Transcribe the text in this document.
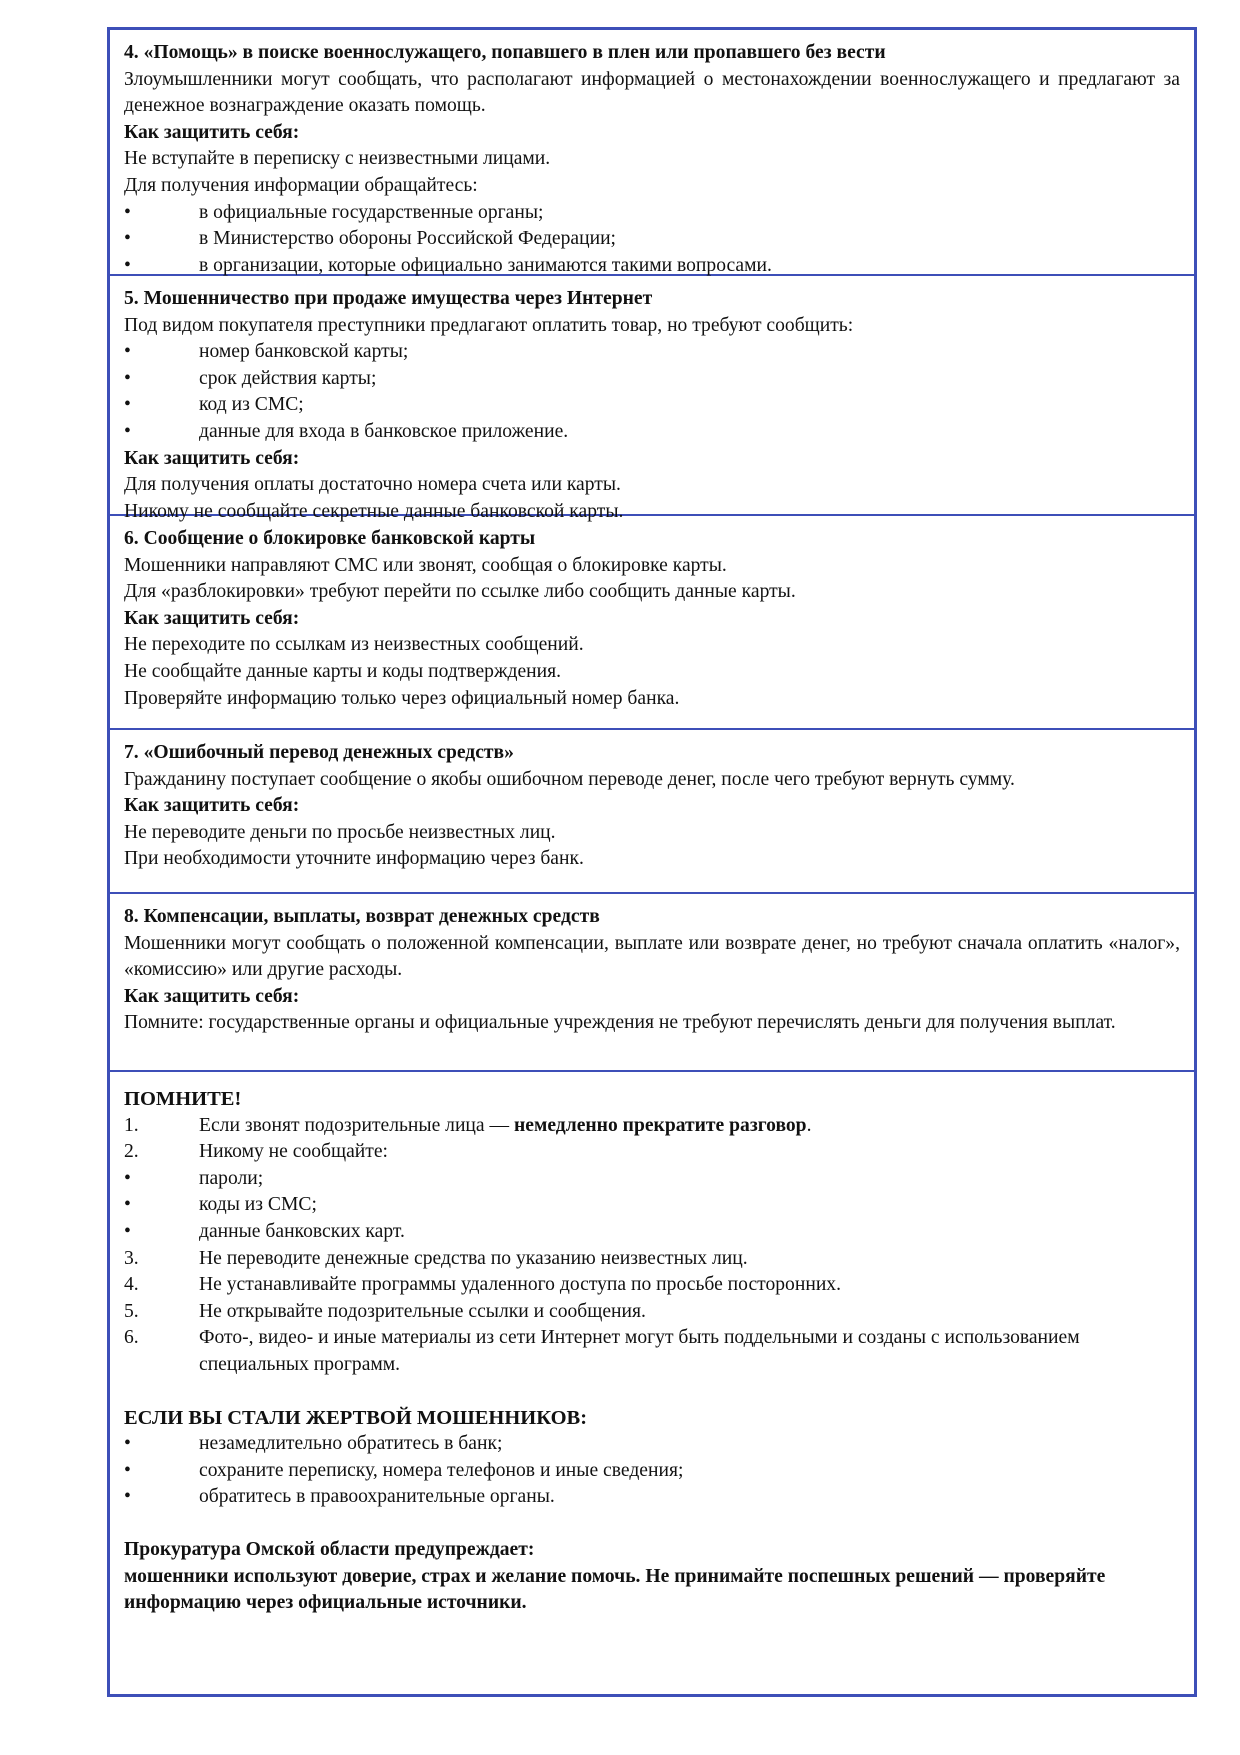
4. «Помощь» в поиске военнослужащего, попавшего в плен или пропавшего без вести
Злоумышленники могут сообщать, что располагают информацией о местонахождении военнослужащего и предлагают за денежное вознаграждение оказать помощь.
Как защитить себя:
Не вступайте в переписку с неизвестными лицами.
Для получения информации обращайтесь:
•	в официальные государственные органы;
•	в Министерство обороны Российской Федерации;
•	в организации, которые официально занимаются такими вопросами.
5. Мошенничество при продаже имущества через Интернет
Под видом покупателя преступники предлагают оплатить товар, но требуют сообщить:
•	номер банковской карты;
•	срок действия карты;
•	код из СМС;
•	данные для входа в банковское приложение.
Как защитить себя:
Для получения оплаты достаточно номера счета или карты.
Никому не сообщайте секретные данные банковской карты.
6. Сообщение о блокировке банковской карты
Мошенники направляют СМС или звонят, сообщая о блокировке карты.
Для «разблокировки» требуют перейти по ссылке либо сообщить данные карты.
Как защитить себя:
Не переходите по ссылкам из неизвестных сообщений.
Не сообщайте данные карты и коды подтверждения.
Проверяйте информацию только через официальный номер банка.
7. «Ошибочный перевод денежных средств»
Гражданину поступает сообщение о якобы ошибочном переводе денег, после чего требуют вернуть сумму.
Как защитить себя:
Не переводите деньги по просьбе неизвестных лиц.
При необходимости уточните информацию через банк.
8. Компенсации, выплаты, возврат денежных средств
Мошенники могут сообщать о положенной компенсации, выплате или возврате денег, но требуют сначала оплатить «налог», «комиссию» или другие расходы.
Как защитить себя:
Помните: государственные органы и официальные учреждения не требуют перечислять деньги для получения выплат.
ПОМНИТЕ!
1.	Если звонят подозрительные лица — немедленно прекратите разговор.
2.	Никому не сообщайте:
•	пароли;
•	коды из СМС;
•	данные банковских карт.
3.	Не переводите денежные средства по указанию неизвестных лиц.
4.	Не устанавливайте программы удаленного доступа по просьбе посторонних.
5.	Не открывайте подозрительные ссылки и сообщения.
6.	Фото-, видео- и иные материалы из сети Интернет могут быть поддельными и созданы с использованием специальных программ.
ЕСЛИ ВЫ СТАЛИ ЖЕРТВОЙ МОШЕННИКОВ:
•	незамедлительно обратитесь в банк;
•	сохраните переписку, номера телефонов и иные сведения;
•	обратитесь в правоохранительные органы.
Прокуратура Омской области предупреждает:
мошенники используют доверие, страх и желание помочь. Не принимайте поспешных решений — проверяйте информацию через официальные источники.
